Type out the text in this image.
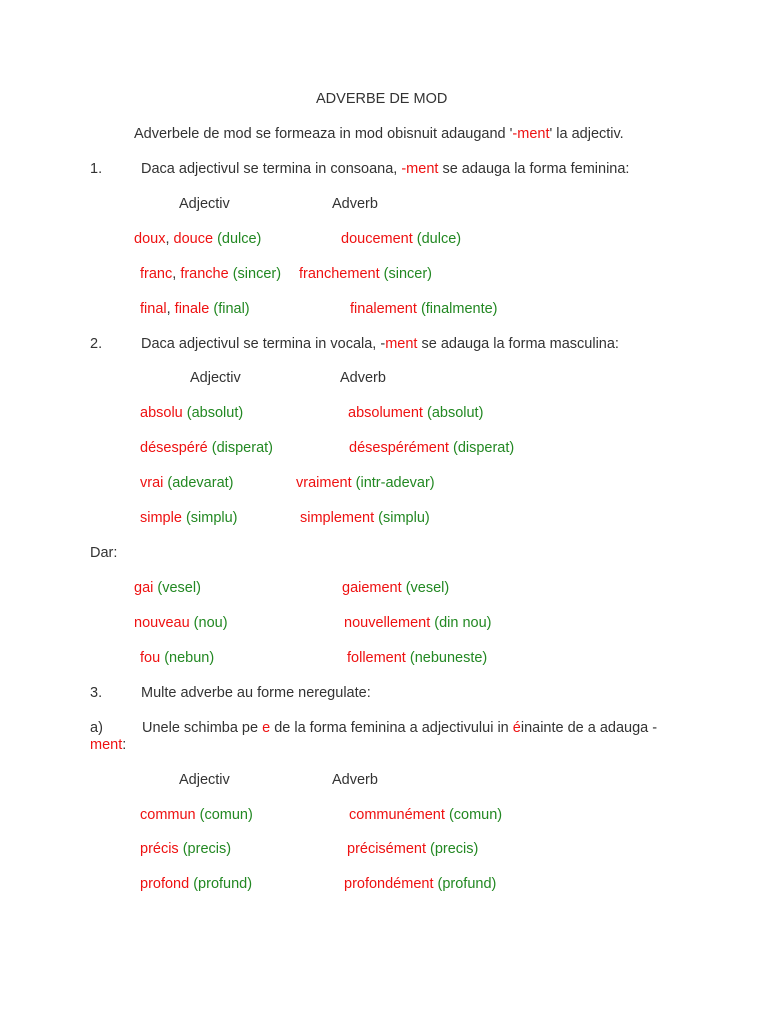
ADVERBE DE MOD
Adverbele de mod se formeaza in mod obisnuit adaugand '-ment' la adjectiv.
1.	Daca adjectivul se termina in consoana, -ment se adauga la forma feminina:
Adjectiv	Adverb
doux, douce (dulce)	doucement (dulce)
franc, franche (sincer) franchement (sincer)
final, finale (final)	finalement (finalmente)
2.	Daca adjectivul se termina in vocala, -ment se adauga la forma masculina:
Adjectiv	Adverb
absolu (absolut)	absolument (absolut)
désespéré (disperat)	désespérément (disperat)
vrai (adevarat)	vraiment (intr-adevar)
simple (simplu)	simplement (simplu)
Dar:
gai (vesel)	gaiement (vesel)
nouveau (nou)	nouvellement (din nou)
fou (nebun)	follement (nebuneste)
3.	Multe adverbe au forme neregulate:
a)	Unele schimba pe e de la forma feminina a adjectivului in éinainte de a adauga -
ment:
Adjectiv	Adverb
commun (comun)	communément (comun)
précis (precis)	précisément (precis)
profond (profund)	profondément (profund)
